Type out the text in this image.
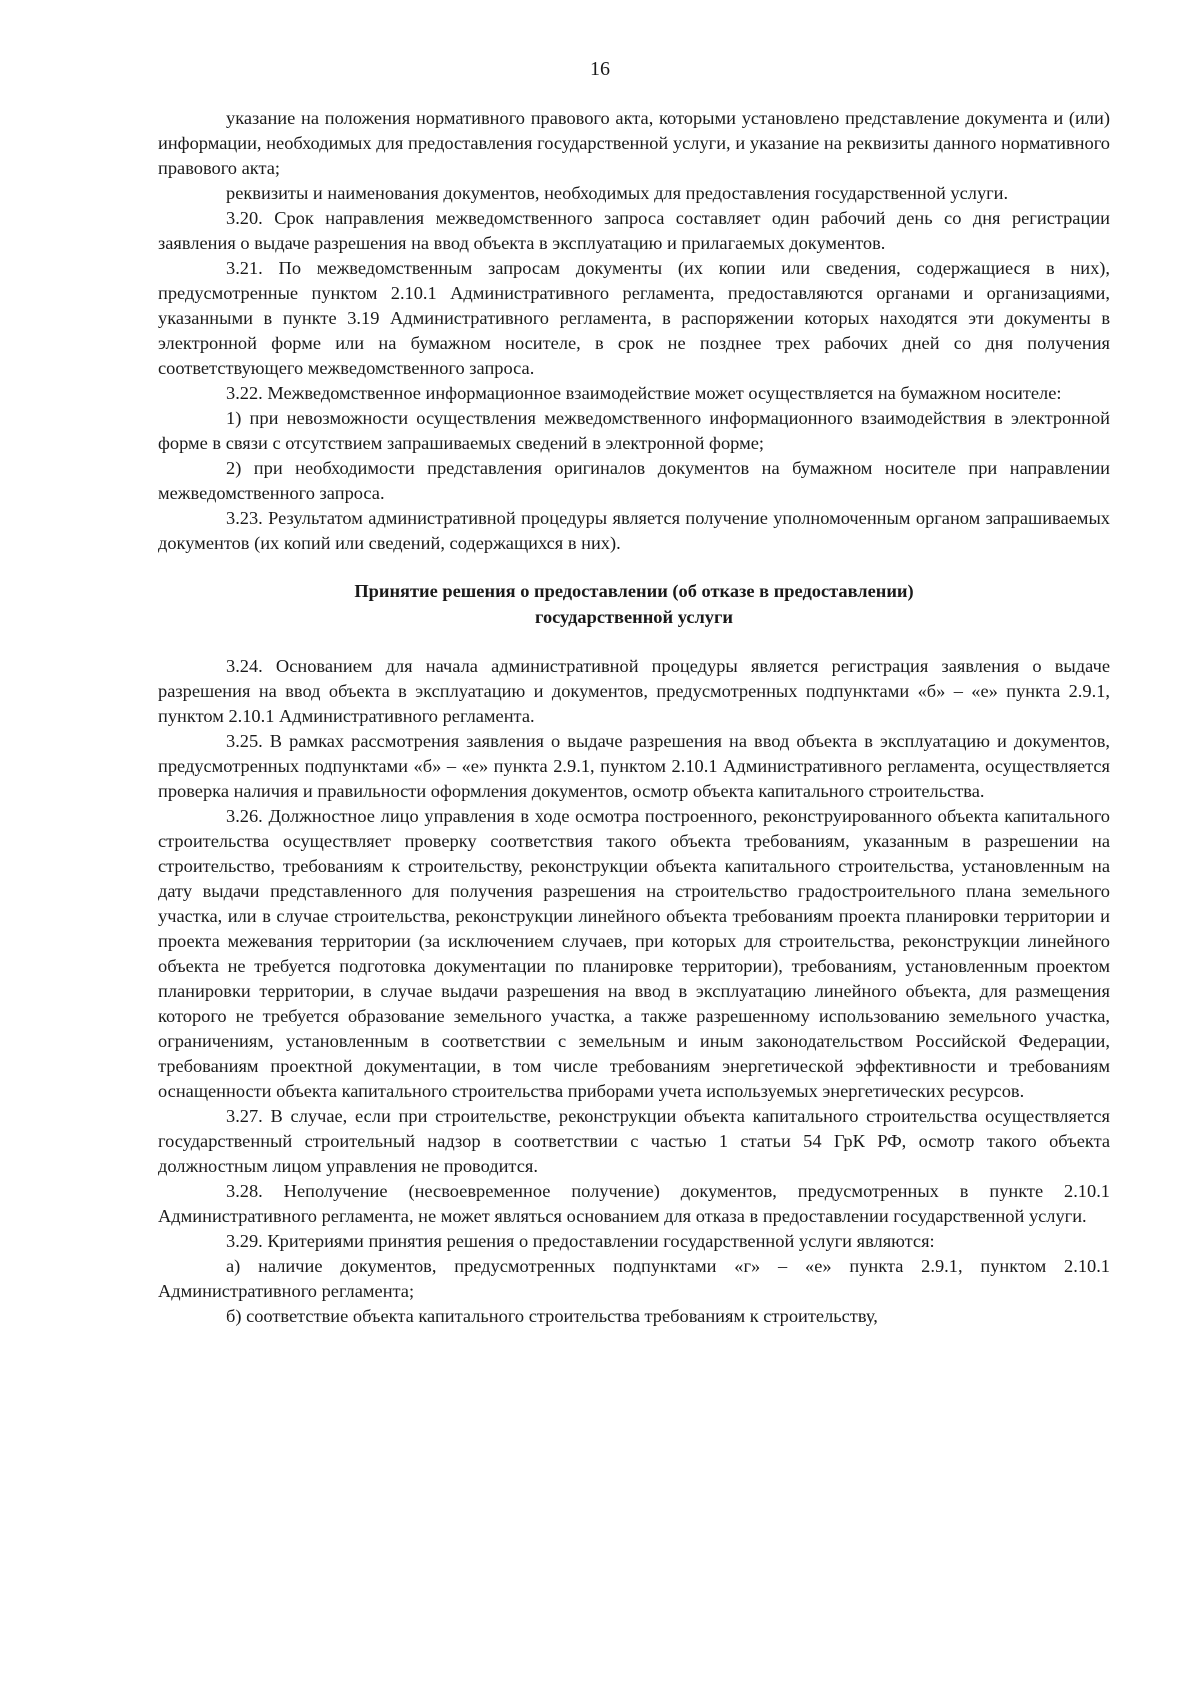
16

указание на положения нормативного правового акта, которыми установлено представление документа и (или) информации, необходимых для предоставления государственной услуги, и указание на реквизиты данного нормативного правового акта;

реквизиты и наименования документов, необходимых для предоставления государственной услуги.

3.20. Срок направления межведомственного запроса составляет один рабочий день со дня регистрации заявления о выдаче разрешения на ввод объекта в эксплуатацию и прилагаемых документов.

3.21. По межведомственным запросам документы (их копии или сведения, содержащиеся в них), предусмотренные пунктом 2.10.1 Административного регламента, предоставляются органами и организациями, указанными в пункте 3.19 Административного регламента, в распоряжении которых находятся эти документы в электронной форме или на бумажном носителе, в срок не позднее трех рабочих дней со дня получения соответствующего межведомственного запроса.

3.22. Межведомственное информационное взаимодействие может осуществляется на бумажном носителе:

1) при невозможности осуществления межведомственного информационного взаимодействия в электронной форме в связи с отсутствием запрашиваемых сведений в электронной форме;

2) при необходимости представления оригиналов документов на бумажном носителе при направлении межведомственного запроса.

3.23. Результатом административной процедуры является получение уполномоченным органом запрашиваемых документов (их копий или сведений, содержащихся в них).

Принятие решения о предоставлении (об отказе в предоставлении)
государственной услуги

3.24. Основанием для начала административной процедуры является регистрация заявления о выдаче разрешения на ввод объекта в эксплуатацию и документов, предусмотренных подпунктами «б» – «е» пункта 2.9.1, пунктом 2.10.1 Административного регламента.

3.25. В рамках рассмотрения заявления о выдаче разрешения на ввод объекта в эксплуатацию и документов, предусмотренных подпунктами «б» – «е» пункта 2.9.1, пунктом 2.10.1 Административного регламента, осуществляется проверка наличия и правильности оформления документов, осмотр объекта капитального строительства.

3.26. Должностное лицо управления в ходе осмотра построенного, реконструированного объекта капитального строительства осуществляет проверку соответствия такого объекта требованиям, указанным в разрешении на строительство, требованиям к строительству, реконструкции объекта капитального строительства, установленным на дату выдачи представленного для получения разрешения на строительство градостроительного плана земельного участка, или в случае строительства, реконструкции линейного объекта требованиям проекта планировки территории и проекта межевания территории (за исключением случаев, при которых для строительства, реконструкции линейного объекта не требуется подготовка документации по планировке территории), требованиям, установленным проектом планировки территории, в случае выдачи разрешения на ввод в эксплуатацию линейного объекта, для размещения которого не требуется образование земельного участка, а также разрешенному использованию земельного участка, ограничениям, установленным в соответствии с земельным и иным законодательством Российской Федерации, требованиям проектной документации, в том числе требованиям энергетической эффективности и требованиям оснащенности объекта капитального строительства приборами учета используемых энергетических ресурсов.

3.27. В случае, если при строительстве, реконструкции объекта капитального строительства осуществляется государственный строительный надзор в соответствии с частью 1 статьи 54 ГрК РФ, осмотр такого объекта должностным лицом управления не проводится.

3.28. Неполучение (несвоевременное получение) документов, предусмотренных в пункте 2.10.1 Административного регламента, не может являться основанием для отказа в предоставлении государственной услуги.

3.29. Критериями принятия решения о предоставлении государственной услуги являются:

а) наличие документов, предусмотренных подпунктами «г» – «е» пункта 2.9.1, пунктом 2.10.1 Административного регламента;

б) соответствие объекта капитального строительства требованиям к строительству,
